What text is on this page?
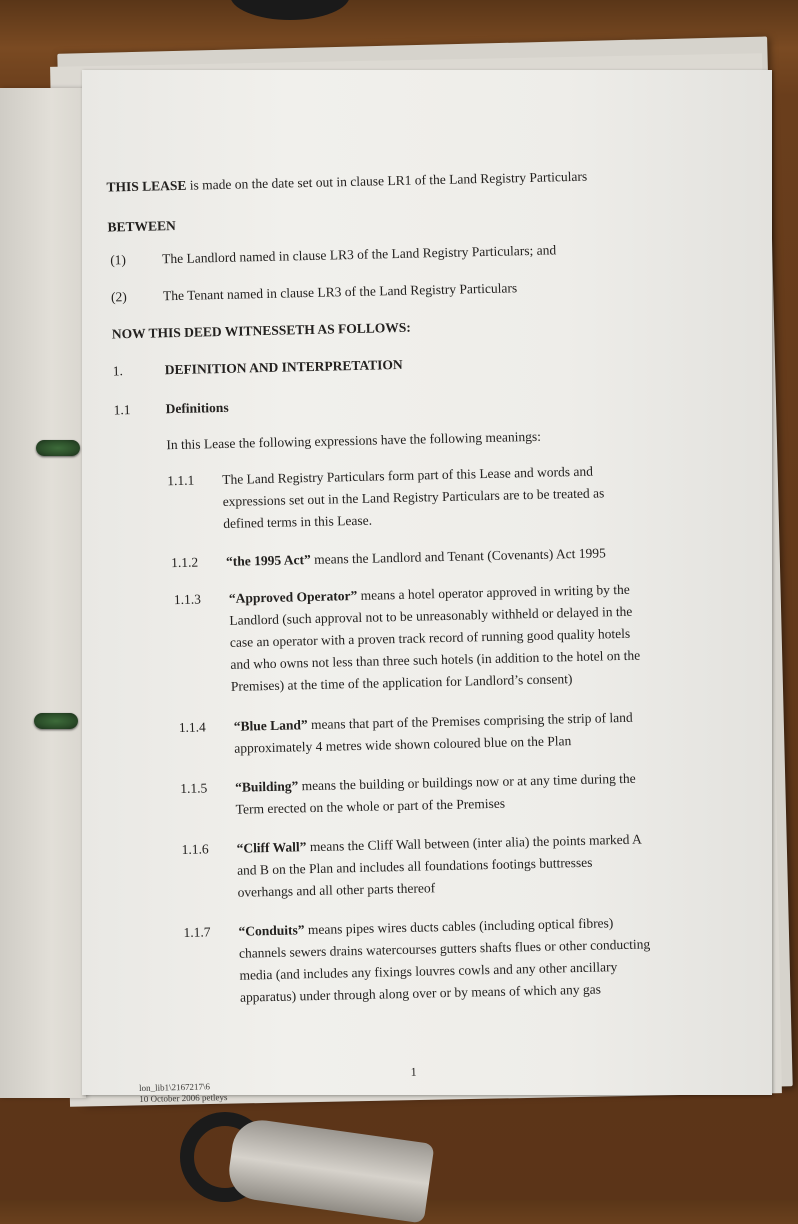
THIS LEASE is made on the date set out in clause LR1 of the Land Registry Particulars
BETWEEN
(1)	The Landlord named in clause LR3 of the Land Registry Particulars; and
(2)	The Tenant named in clause LR3 of the Land Registry Particulars
NOW THIS DEED WITNESSETH AS FOLLOWS:
1.	DEFINITION AND INTERPRETATION
1.1	Definitions
In this Lease the following expressions have the following meanings:
1.1.1 The Land Registry Particulars form part of this Lease and words and
expressions set out in the Land Registry Particulars are to be treated as
defined terms in this Lease.
1.1.2 “the 1995 Act” means the Landlord and Tenant (Covenants) Act 1995
1.1.3 “Approved Operator” means a hotel operator approved in writing by the
Landlord (such approval not to be unreasonably withheld or delayed in the
case an operator with a proven track record of running good quality hotels
and who owns not less than three such hotels (in addition to the hotel on the
Premises) at the time of the application for Landlord’s consent)
1.1.4 “Blue Land” means that part of the Premises comprising the strip of land
approximately 4 metres wide shown coloured blue on the Plan
1.1.5 “Building” means the building or buildings now or at any time during the
Term erected on the whole or part of the Premises
1.1.6 “Cliff Wall” means the Cliff Wall between (inter alia) the points marked A
and B on the Plan and includes all foundations footings buttresses
overhangs and all other parts thereof
1.1.7 “Conduits” means pipes wires ducts cables (including optical fibres)
channels sewers drains watercourses gutters shafts flues or other conducting
media (and includes any fixings louvres cowls and any other ancillary
apparatus) under through along over or by means of which any gas
1
lon_lib1\2167217\6
10 October 2006 petleys
